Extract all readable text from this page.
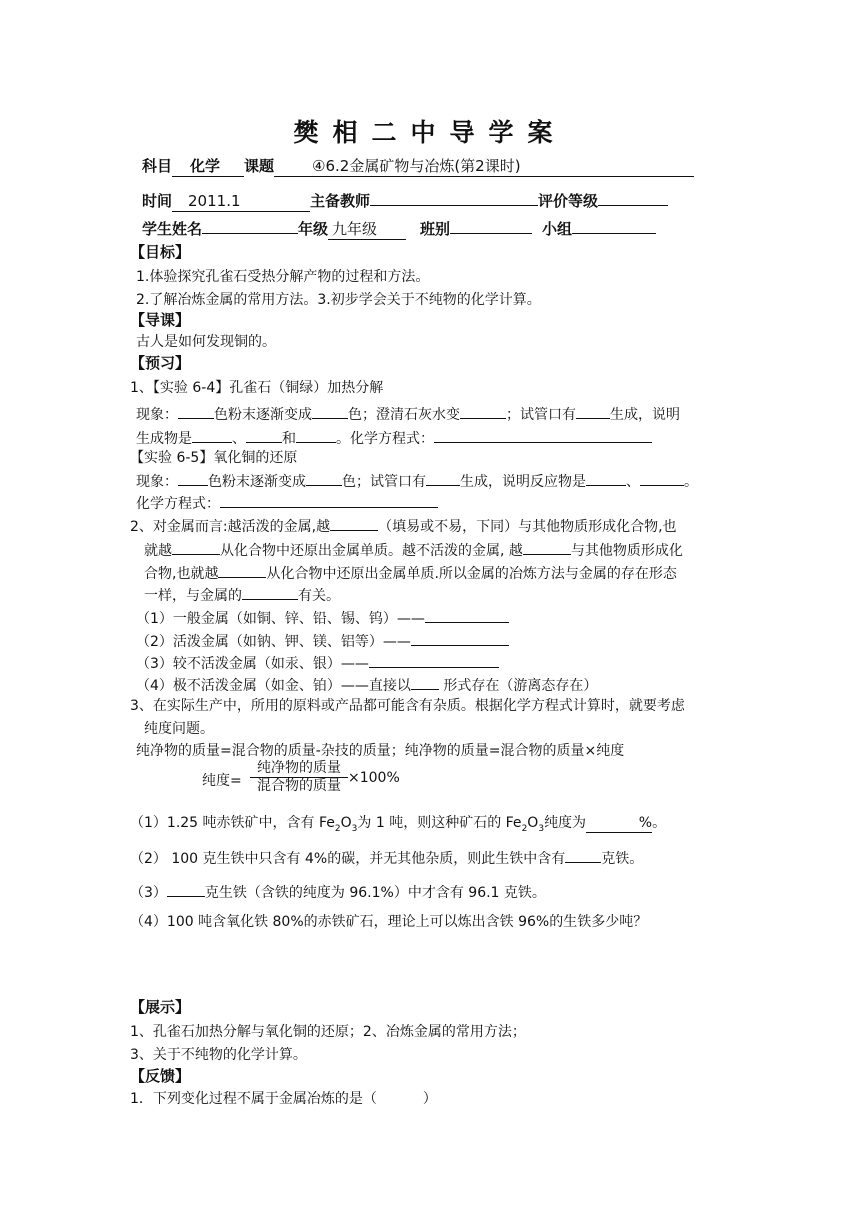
樊相二中导学案
科目 化学 课题	④6.2金属矿物与冶炼(第2课时)
时间 2011.1	主备教师	评价等级
学生姓名	年级 九年级	班别	小组
【目标】
1.体验探究孔雀石受热分解产物的过程和方法。
2.了解冶炼金属的常用方法。3.初步学会关于不纯物的化学计算。
【导课】
古人是如何发现铜的。
【预习】
1、【实验 6-4】孔雀石（铜绿）加热分解
现象：	色粉末逐渐变成	色；澄清石灰水变	；试管口有 生成，说明
生成物是	、	和	。化学方程式：
【实验 6-5】氧化铜的还原
现象： 色粉末逐渐变成	色；试管口有 生成，说明反应物是	、	。
化学方程式：
2、对金属而言:越活泼的金属,越	（填易或不易，下同）与其他物质形成化合物,也
就越	从化合物中还原出金属单质。越不活泼的金属, 越	与其他物质形成化
合物,也就越	从化合物中还原出金属单质.所以金属的冶炼方法与金属的存在形态
一样，与金属的	有关。
（1）一般金属（如铜、锌、铅、锡、钨）——
（2）活泼金属（如钠、钾、镁、铝等）——
（3）较不活泼金属（如汞、银）——
（4）极不活泼金属（如金、铂）——直接以 形式存在（游离态存在）
3、在实际生产中，所用的原料或产品都可能含有杂质。根据化学方程式计算时，就要考虑
纯度问题。
纯净物的质量=混合物的质量-杂技的质量；纯净物的质量=混合物的质量×纯度
纯度=
纯净物的质量
混合物的质量 ×100%
（1）1.25 吨赤铁矿中，含有 $Fe_2O_3$为 1 吨，则这种矿石的 $Fe_2O_3$纯度为	%。
（2） 100 克生铁中只含有 4%的碳，并无其他杂质，则此生铁中含有	克铁。
（3）	克生铁（含铁的纯度为 96.1%）中才含有 96.1 克铁。
（4）100 吨含氧化铁 80%的赤铁矿石，理论上可以炼出含铁 96%的生铁多少吨？
【展示】
1、孔雀石加热分解与氧化铜的还原；2、冶炼金属的常用方法；
3、关于不纯物的化学计算。
【反馈】
1．下列变化过程不属于金属冶炼的是（	）
